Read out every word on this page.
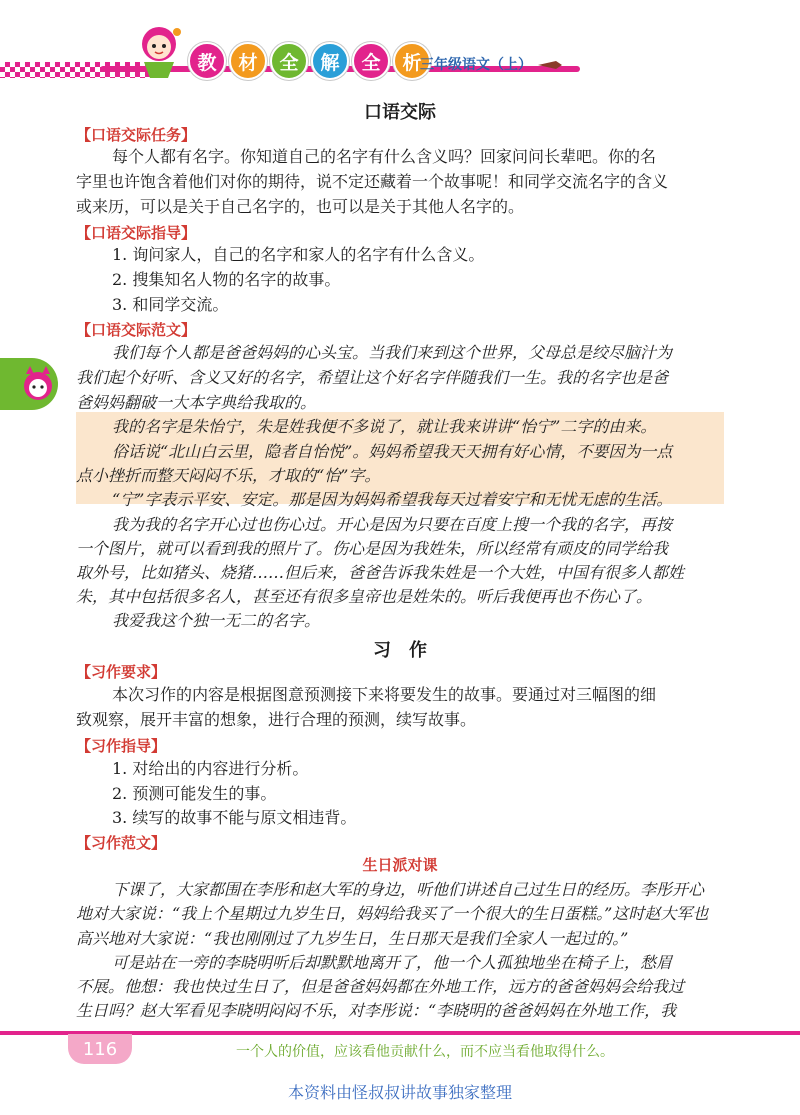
教	材	全	解	全	析
三年级语文（上）
口语交际
【口语交际任务】
每个人都有名字。你知道自己的名字有什么含义吗？回家问问长辈吧。你的名
字里也许饱含着他们对你的期待，说不定还藏着一个故事呢！和同学交流名字的含义
或来历，可以是关于自己名字的，也可以是关于其他人名字的。
【口语交际指导】
1. 询问家人，自己的名字和家人的名字有什么含义。
2. 搜集知名人物的名字的故事。
3. 和同学交流。
【口语交际范文】
我们每个人都是爸爸妈妈的心头宝。当我们来到这个世界，父母总是绞尽脑汁为
我们起个好听、含义又好的名字，希望让这个好名字伴随我们一生。我的名字也是爸
爸妈妈翻破一大本字典给我取的。
我的名字是朱怡宁，朱是姓我便不多说了，就让我来讲讲“怡宁”二字的由来。
俗话说“北山白云里，隐者自怡悦”。妈妈希望我天天拥有好心情，不要因为一点
点小挫折而整天闷闷不乐，才取的“怡”字。
“宁”字表示平安、安定。那是因为妈妈希望我每天过着安宁和无忧无虑的生活。
我为我的名字开心过也伤心过。开心是因为只要在百度上搜一个我的名字，再按
一个图片，就可以看到我的照片了。伤心是因为我姓朱，所以经常有顽皮的同学给我
取外号，比如猪头、烧猪……但后来，爸爸告诉我朱姓是一个大姓，中国有很多人都姓
朱，其中包括很多名人，甚至还有很多皇帝也是姓朱的。听后我便再也不伤心了。
我爱我这个独一无二的名字。
习　作
【习作要求】
本次习作的内容是根据图意预测接下来将要发生的故事。要通过对三幅图的细
致观察，展开丰富的想象，进行合理的预测，续写故事。
【习作指导】
1. 对给出的内容进行分析。
2. 预测可能发生的事。
3. 续写的故事不能与原文相违背。
【习作范文】
生日派对课
下课了，大家都围在李彤和赵大军的身边，听他们讲述自己过生日的经历。李彤开心
地对大家说：“我上个星期过九岁生日，妈妈给我买了一个很大的生日蛋糕。”这时赵大军也
高兴地对大家说：“我也刚刚过了九岁生日，生日那天是我们全家人一起过的。”
可是站在一旁的李晓明听后却默默地离开了，他一个人孤独地坐在椅子上，愁眉
不展。他想：我也快过生日了，但是爸爸妈妈都在外地工作，远方的爸爸妈妈会给我过
生日吗？赵大军看见李晓明闷闷不乐，对李彤说：“李晓明的爸爸妈妈在外地工作，我
116	一个人的价值，应该看他贡献什么，而不应当看他取得什么。
本资料由怪叔叔讲故事独家整理
